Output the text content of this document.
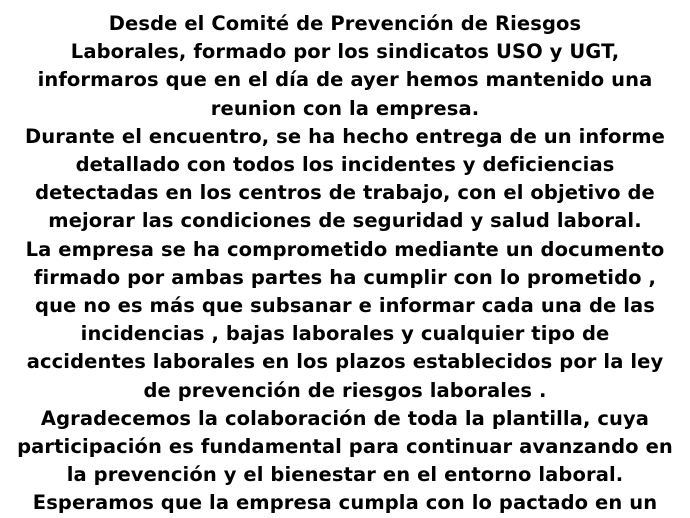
Desde el Comité de Prevención de Riesgos
Laborales, formado por los sindicatos USO y UGT,
informaros que en el día de ayer hemos mantenido una
reunion con la empresa.
Durante el encuentro, se ha hecho entrega de un informe
detallado con todos los incidentes y deficiencias
detectadas en los centros de trabajo, con el objetivo de
mejorar las condiciones de seguridad y salud laboral.
La empresa se ha comprometido mediante un documento
firmado por ambas partes ha cumplir con lo prometido ,
que no es más que subsanar e informar cada una de las
incidencias , bajas laborales y cualquier tipo de
accidentes laborales en los plazos establecidos por la ley
de prevención de riesgos laborales .
Agradecemos la colaboración de toda la plantilla, cuya
participación es fundamental para continuar avanzando en
la prevención y el bienestar en el entorno laboral.
Esperamos que la empresa cumpla con lo pactado en un
